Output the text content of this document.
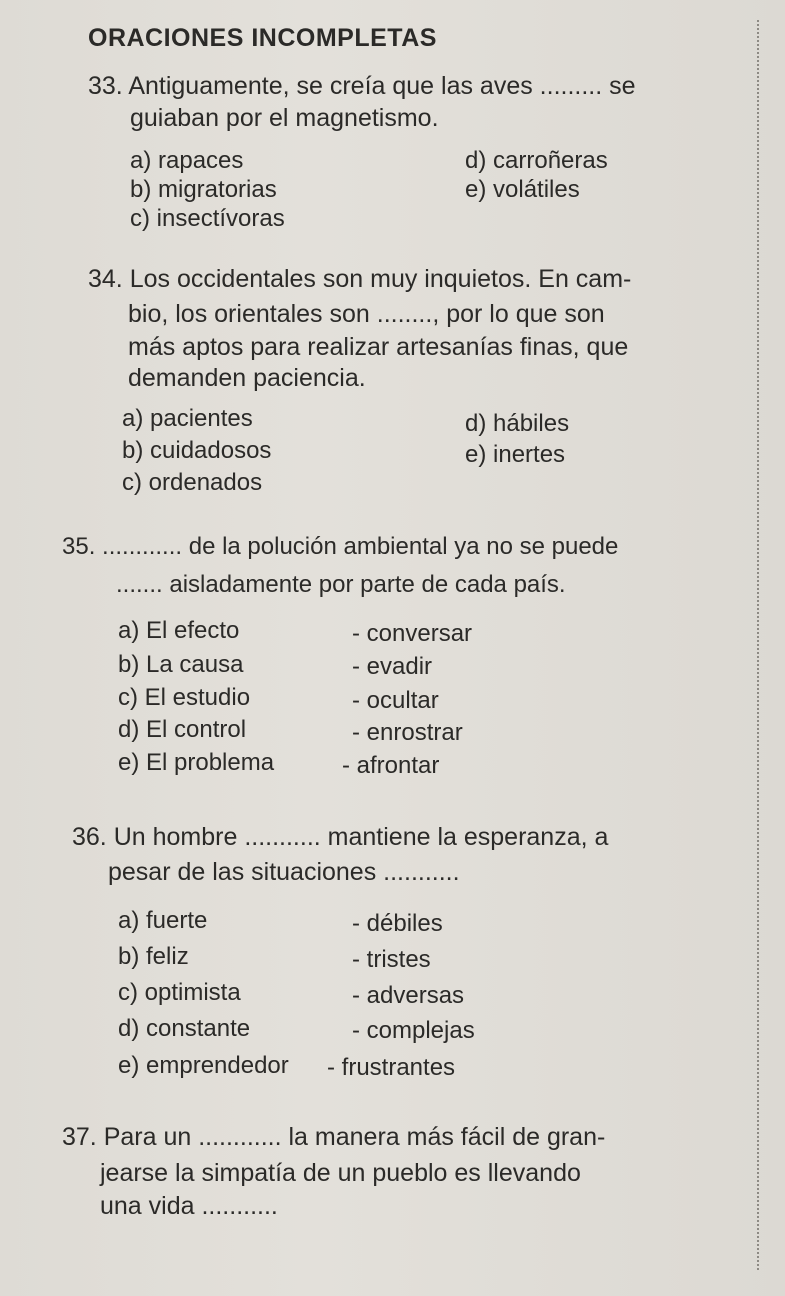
ORACIONES INCOMPLETAS
33. Antiguamente, se creía que las aves ......... se
guiaban por el magnetismo.
a) rapaces	d) carroñeras
b) migratorias	e) volátiles
c) insectívoras
34. Los occidentales son muy inquietos. En cam-
bio, los orientales son ........, por lo que son
más aptos para realizar artesanías finas, que
demanden paciencia.
a) pacientes	d) hábiles
b) cuidadosos	e) inertes
c) ordenados
35. ............ de la polución ambiental ya no se puede
....... aisladamente por parte de cada país.
a) El efecto	- conversar
b) La causa	- evadir
c) El estudio	- ocultar
d) El control	- enrostrar
e) El problema	- afrontar
36. Un hombre ........... mantiene la esperanza, a
pesar de las situaciones ...........
a) fuerte	- débiles
b) feliz	- tristes
c) optimista	- adversas
d) constante	- complejas
e) emprendedor - frustrantes
37. Para un ............ la manera más fácil de gran-
jearse la simpatía de un pueblo es llevando
una vida ...........
